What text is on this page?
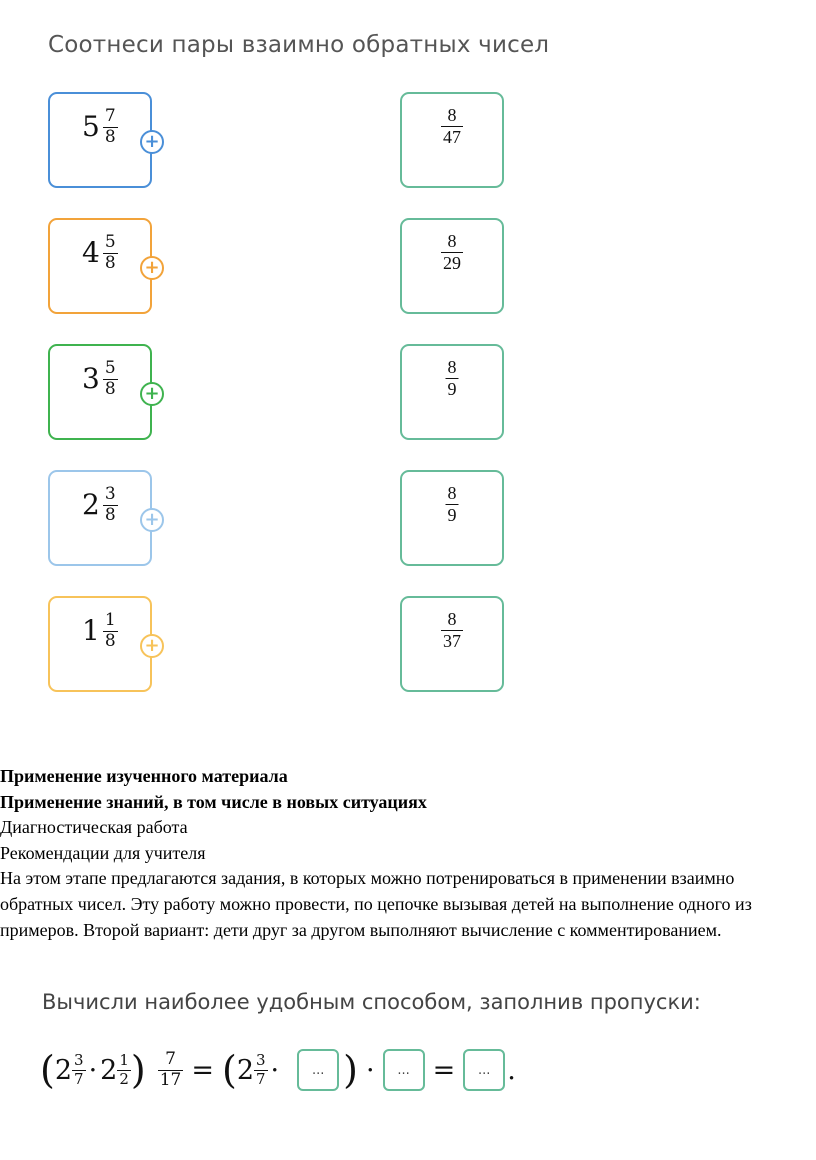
Соотнеси пары взаимно обратных чисел
$5 \frac{7}{8}$ +
$4 \frac{5}{8}$ +
$3 \frac{5}{8}$ +
$2 \frac{3}{8}$ +
$1 \frac{1}{8}$ +
8
47
8
29
8
9
8
9
8
37

Применение изученного материала

Применение знаний, в том числе в новых ситуациях

Диагностическая работа

Рекомендации для учителя

На этом этапе предлагаются задания, в которых можно потренироваться в применении взаимно обратных чисел. Эту работу можно провести, по цепочке вызывая детей на выполнение одного из примеров. Второй вариант: дети друг за другом выполняют вычисление с комментированием.

Вычисли наиболее удобным способом, заполнив пропуски:
( $2 \frac{3}{7} \cdot 2 \frac{1}{2}$ ) $\frac{7}{17}$ = ( $2 \frac{3}{7}$ ·	... ) ·	... =	... .
